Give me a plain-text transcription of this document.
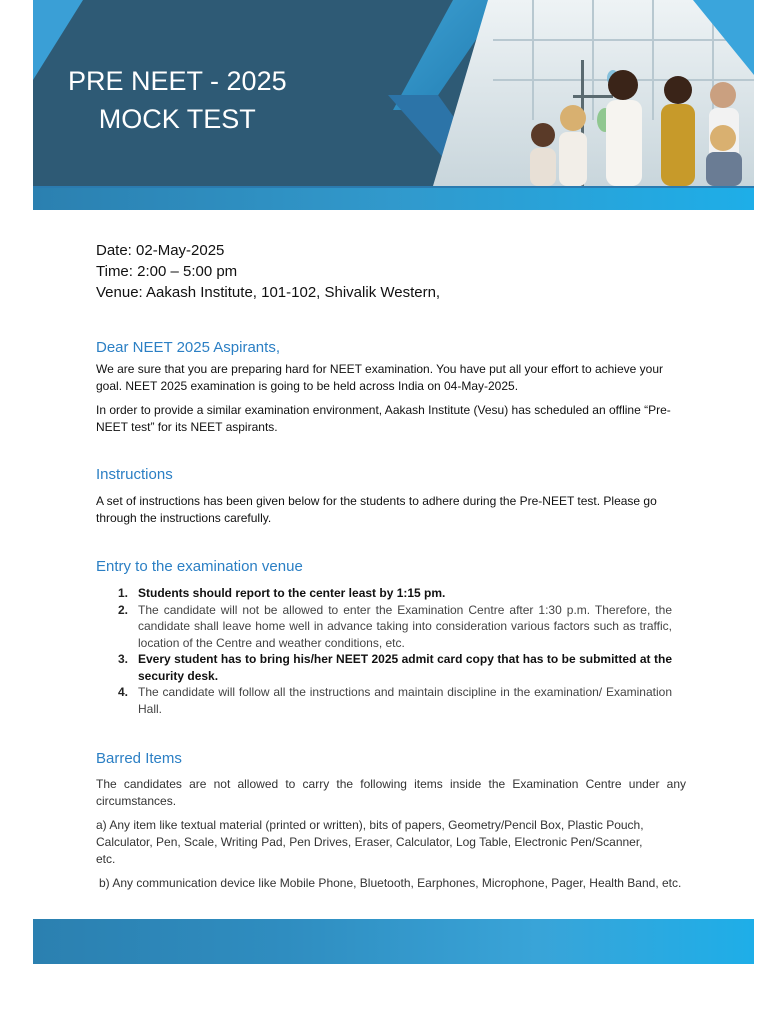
PRE NEET - 2025
MOCK TEST
Date: 02-May-2025
Time: 2:00 – 5:00 pm
Venue: Aakash Institute, 101-102, Shivalik Western,
Dear NEET 2025 Aspirants,

We are sure that you are preparing hard for NEET examination. You have put all your effort to achieve your goal. NEET 2025 examination is going to be held across India on 04-May-2025.

In order to provide a similar examination environment, Aakash Institute (Vesu) has scheduled an offline “Pre-NEET test” for its NEET aspirants.

Instructions

A set of instructions has been given below for the students to adhere during the Pre-NEET test. Please go through the instructions carefully.

Entry to the examination venue
1. Students should report to the center least by 1:15 pm.
2. The candidate will not be allowed to enter the Examination Centre after 1:30 p.m. Therefore, the candidate shall leave home well in advance taking into consideration various factors such as traffic, location of the Centre and weather conditions, etc.
3. Every student has to bring his/her NEET 2025 admit card copy that has to be submitted at the security desk.
4. The candidate will follow all the instructions and maintain discipline in the examination/ Examination Hall.
Barred Items

The candidates are not allowed to carry the following items inside the Examination Centre under any circumstances.

a) Any item like textual material (printed or written), bits of papers, Geometry/Pencil Box, Plastic Pouch, Calculator, Pen, Scale, Writing Pad, Pen Drives, Eraser, Calculator, Log Table, Electronic Pen/Scanner, etc.

b) Any communication device like Mobile Phone, Bluetooth, Earphones, Microphone, Pager, Health Band, etc.
